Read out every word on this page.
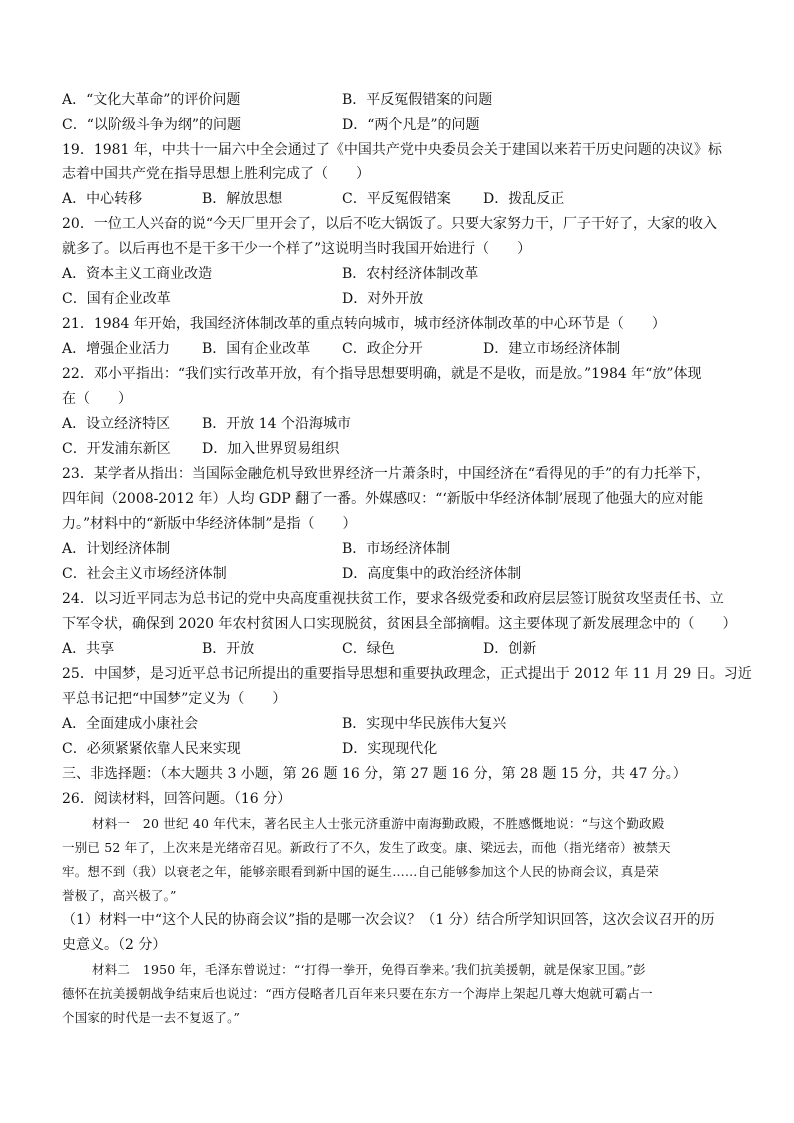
A．“文化大革命”的评价问题	B．平反冤假错案的问题
C．“以阶级斗争为纲”的问题	D．“两个凡是”的问题
19．1981 年，中共十一届六中全会通过了《中国共产党中央委员会关于建国以来若干历史问题的决议》标
志着中国共产党在指导思想上胜利完成了（　　）
A．中心转移	B．解放思想	C．平反冤假错案 D．拨乱反正
20．一位工人兴奋的说“今天厂里开会了，以后不吃大锅饭了。只要大家努力干，厂子干好了，大家的收入
就多了。以后再也不是干多干少一个样了”这说明当时我国开始进行（　　）
A．资本主义工商业改造	B．农村经济体制改革
C．国有企业改革	D．对外开放
21．1984 年开始，我国经济体制改革的重点转向城市，城市经济体制改革的中心环节是（　　）
A．增强企业活力 B．国有企业改革 C．政企分开	D．建立市场经济体制
22．邓小平指出：“我们实行改革开放，有个指导思想要明确，就是不是收，而是放。”1984 年“放”体现
在（　　）
A．设立经济特区 B．开放 14 个沿海城市
C．开发浦东新区 D．加入世界贸易组织
23．某学者从指出：当国际金融危机导致世界经济一片萧条时，中国经济在“看得见的手”的有力托举下，
四年间（2008-2012 年）人均 GDP 翻了一番。外媒感叹：“‘新版中华经济体制’展现了他强大的应对能
力。”材料中的“新版中华经济体制”是指（　　）
A．计划经济体制	B．市场经济体制
C．社会主义市场经济体制	D．高度集中的政治经济体制
24．以习近平同志为总书记的党中央高度重视扶贫工作，要求各级党委和政府层层签订脱贫攻坚责任书、立
下军令状，确保到 2020 年农村贫困人口实现脱贫，贫困县全部摘帽。这主要体现了新发展理念中的（　　）
A．共享	B．开放	C．绿色	D．创新
25．中国梦，是习近平总书记所提出的重要指导思想和重要执政理念，正式提出于 2012 年 11 月 29 日。习近
平总书记把“中国梦”定义为（　　）
A．全面建成小康社会	B．实现中华民族伟大复兴
C．必须紧紧依靠人民来实现	D．实现现代化
三、非选择题：（本大题共 3 小题，第 26 题 16 分，第 27 题 16 分，第 28 题 15 分，共 47 分。）
26．阅读材料，回答问题。（16 分）
材料一　20 世纪 40 年代末，著名民主人士张元济重游中南海勤政殿，不胜感慨地说：“与这个勤政殿
一别已 52 年了，上次来是光绪帝召见。新政行了不久，发生了政变。康、梁远去，而他（指光绪帝）被禁天
牢。想不到（我）以衰老之年，能够亲眼看到新中国的诞生……自己能够参加这个人民的协商会议，真是荣
誉极了，高兴极了。”
（1）材料一中“这个人民的协商会议”指的是哪一次会议？（1 分）结合所学知识回答，这次会议召开的历
史意义。（2 分）
材料二　1950 年，毛泽东曾说过：“‘打得一拳开，免得百拳来。’我们抗美援朝，就是保家卫国。”彭
德怀在抗美援朝战争结束后也说过：“西方侵略者几百年来只要在东方一个海岸上架起几尊大炮就可霸占一
个国家的时代是一去不复返了。”
